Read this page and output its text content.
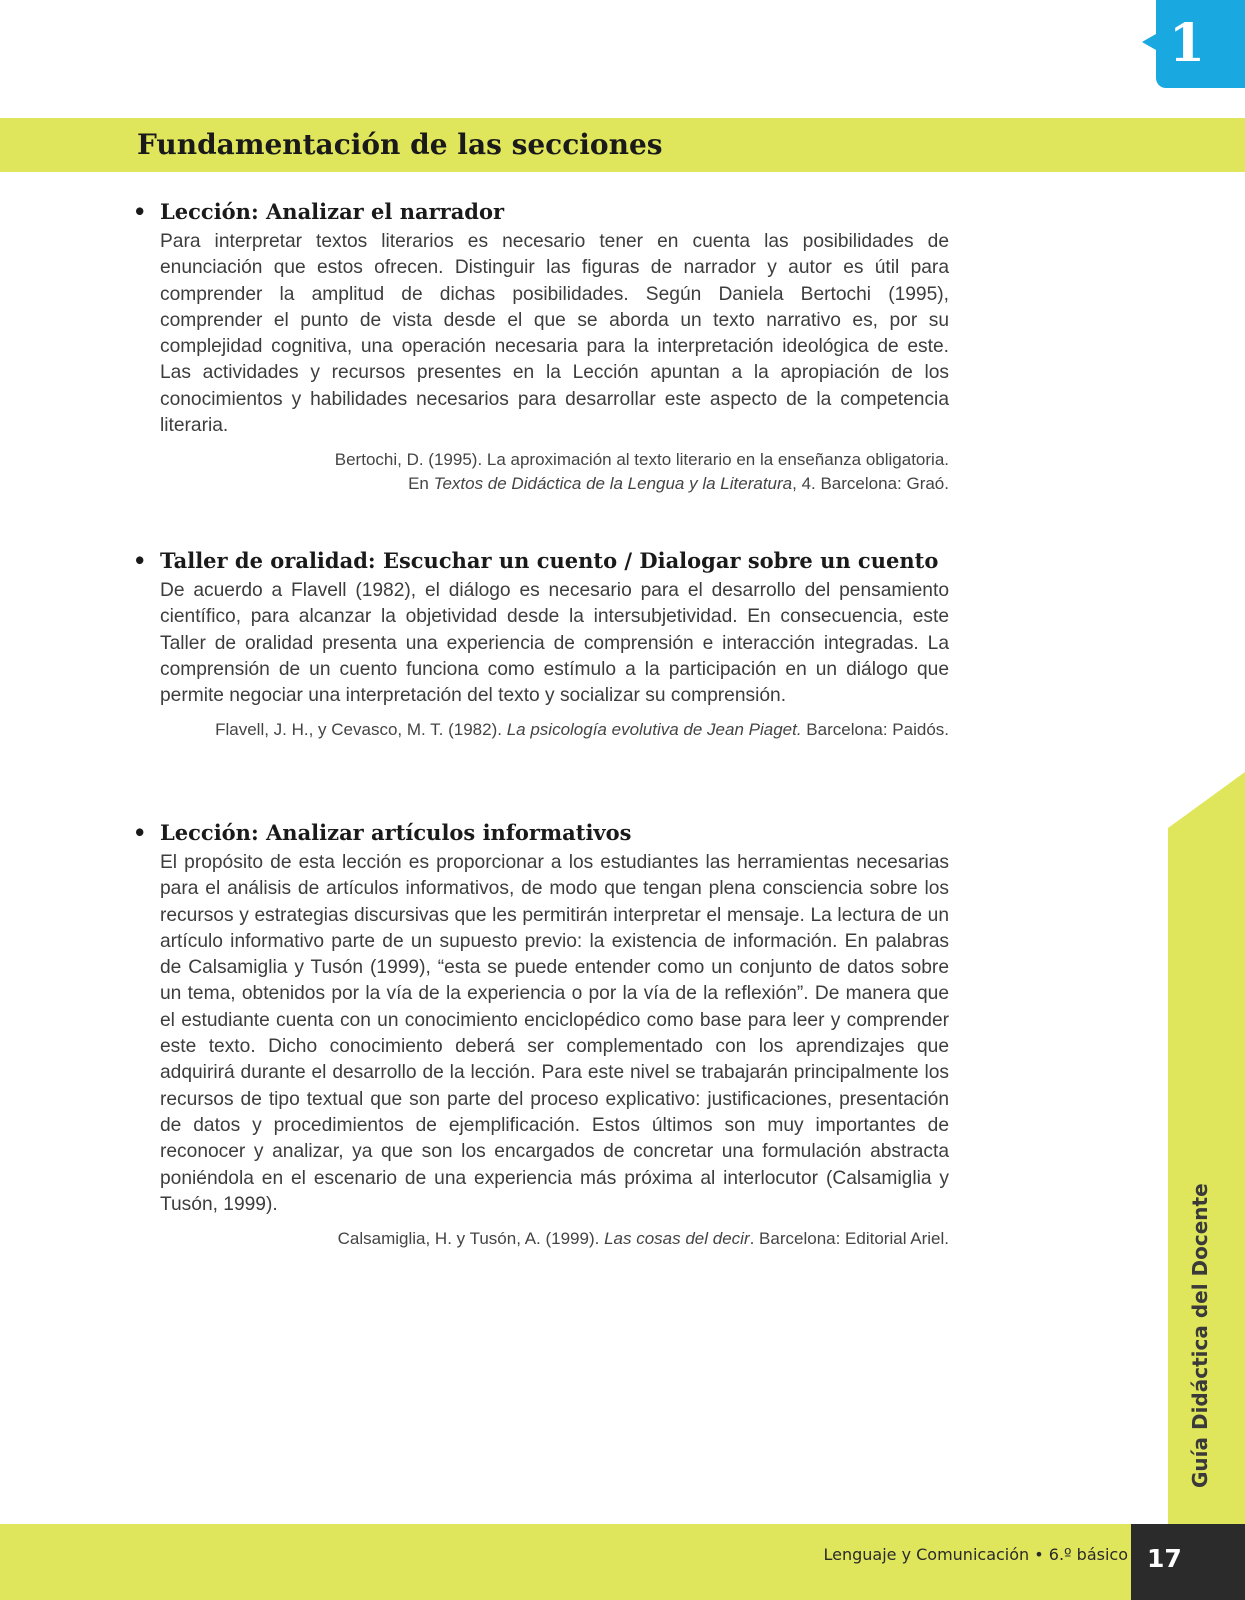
1
Fundamentación de las secciones
• Lección: Analizar el narrador

Para interpretar textos literarios es necesario tener en cuenta las posibilidades de enunciación que estos ofrecen. Distinguir las figuras de narrador y autor es útil para comprender la amplitud de dichas posibilidades. Según Daniela Bertochi (1995), comprender el punto de vista desde el que se aborda un texto narrativo es, por su complejidad cognitiva, una operación necesaria para la interpretación ideológica de este. Las actividades y recursos presentes en la Lección apuntan a la apropiación de los conocimientos y habilidades necesarios para desarrollar este aspecto de la competencia literaria.

Bertochi, D. (1995). La aproximación al texto literario en la enseñanza obligatoria.
En Textos de Didáctica de la Lengua y la Literatura, 4. Barcelona: Graó.
• Taller de oralidad: Escuchar un cuento / Dialogar sobre un cuento

De acuerdo a Flavell (1982), el diálogo es necesario para el desarrollo del pensamiento científico, para alcanzar la objetividad desde la intersubjetividad. En consecuencia, este Taller de oralidad presenta una experiencia de comprensión e interacción integradas. La comprensión de un cuento funciona como estímulo a la participación en un diálogo que permite negociar una interpretación del texto y socializar su comprensión.

Flavell, J. H., y Cevasco, M. T. (1982). La psicología evolutiva de Jean Piaget. Barcelona: Paidós.
• Lección: Analizar artículos informativos

El propósito de esta lección es proporcionar a los estudiantes las herramientas necesarias para el análisis de artículos informativos, de modo que tengan plena consciencia sobre los recursos y estrategias discursivas que les permitirán interpretar el mensaje. La lectura de un artículo informativo parte de un supuesto previo: la existencia de información. En palabras de Calsamiglia y Tusón (1999), “esta se puede entender como un conjunto de datos sobre un tema, obtenidos por la vía de la experiencia o por la vía de la reflexión”. De manera que el estudiante cuenta con un conocimiento enciclopédico como base para leer y comprender este texto. Dicho conocimiento deberá ser complementado con los aprendizajes que adquirirá durante el desarrollo de la lección. Para este nivel se trabajarán principalmente los recursos de tipo textual que son parte del proceso explicativo: justificaciones, presentación de datos y procedimientos de ejemplificación. Estos últimos son muy importantes de reconocer y analizar, ya que son los encargados de concretar una formulación abstracta poniéndola en el escenario de una experiencia más próxima al interlocutor (Calsamiglia y Tusón, 1999).

Calsamiglia, H. y Tusón, A. (1999). Las cosas del decir. Barcelona: Editorial Ariel.	Guía Didáctica del Docente
Lenguaje y Comunicación • 6.º básico 17
